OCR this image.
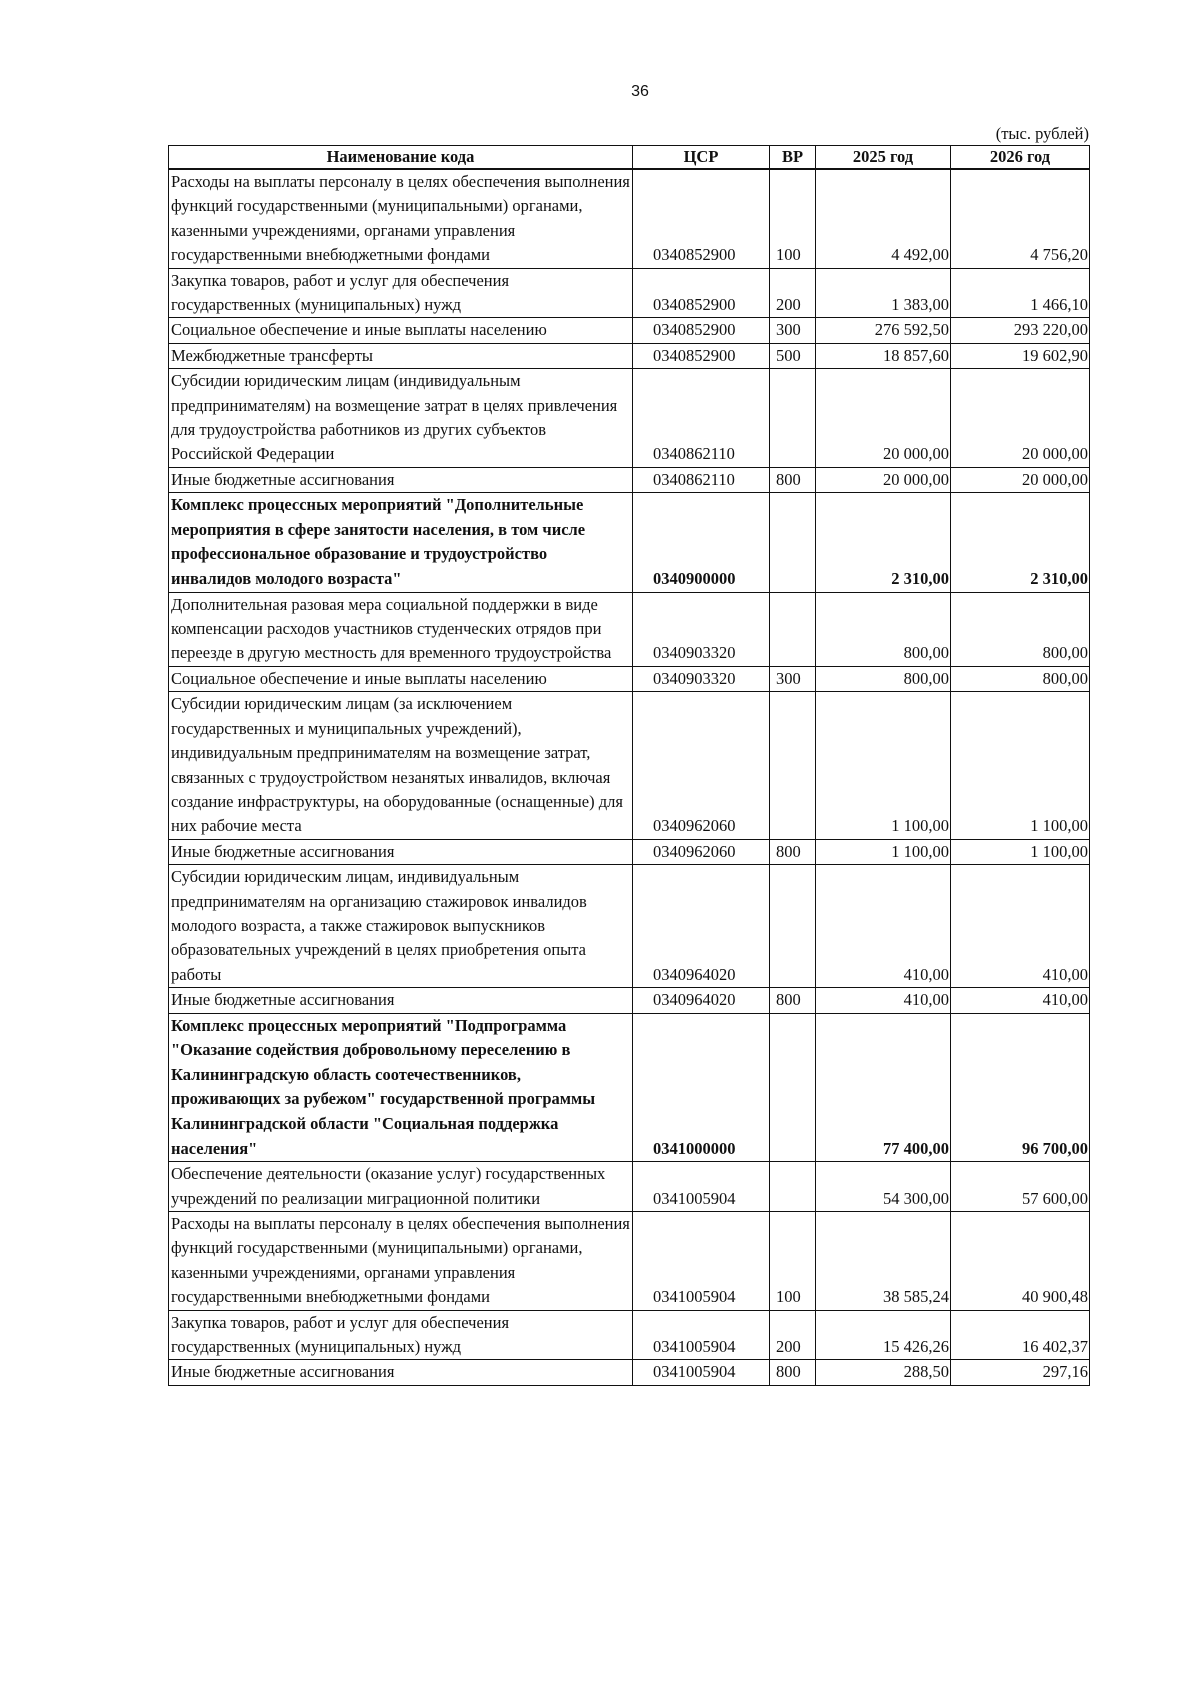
36
(тыс. рублей)
Наименование кода	ЦСР	ВР	2025 год	2026 год
Расходы на выплаты персоналу в целях обеспечения выполнения функций государственными (муниципальными) органами, казенными учреждениями, органами управления государственными внебюджетными фондами	0340852900	100	4 492,00	4 756,20
Закупка товаров, работ и услуг для обеспечения государственных (муниципальных) нужд	0340852900	200	1 383,00	1 466,10
Социальное обеспечение и иные выплаты населению	0340852900	300	276 592,50	293 220,00
Межбюджетные трансферты	0340852900	500	18 857,60	19 602,90
Субсидии юридическим лицам (индивидуальным предпринимателям) на возмещение затрат в целях привлечения для трудоустройства работников из других субъектов Российской Федерации	0340862110		20 000,00	20 000,00
Иные бюджетные ассигнования	0340862110	800	20 000,00	20 000,00
Комплекс процессных мероприятий "Дополнительные мероприятия в сфере занятости населения, в том числе профессиональное образование и трудоустройство инвалидов молодого возраста"	0340900000		2 310,00	2 310,00
Дополнительная разовая мера социальной поддержки в виде компенсации расходов участников студенческих отрядов при переезде в другую местность для временного трудоустройства	0340903320		800,00	800,00
Социальное обеспечение и иные выплаты населению	0340903320	300	800,00	800,00
Субсидии юридическим лицам (за исключением государственных и муниципальных учреждений), индивидуальным предпринимателям на возмещение затрат, связанных с трудоустройством незанятых инвалидов, включая создание инфраструктуры, на оборудованные (оснащенные) для них рабочие места	0340962060		1 100,00	1 100,00
Иные бюджетные ассигнования	0340962060	800	1 100,00	1 100,00
Субсидии юридическим лицам, индивидуальным предпринимателям на организацию стажировок инвалидов молодого возраста, а также стажировок выпускников образовательных учреждений в целях приобретения опыта работы	0340964020		410,00	410,00
Иные бюджетные ассигнования	0340964020	800	410,00	410,00
Комплекс процессных мероприятий "Подпрограмма "Оказание содействия добровольному переселению в Калининградскую область соотечественников, проживающих за рубежом" государственной программы Калининградской области "Социальная поддержка населения"	0341000000		77 400,00	96 700,00
Обеспечение деятельности (оказание услуг) государственных учреждений по реализации миграционной политики	0341005904		54 300,00	57 600,00
Расходы на выплаты персоналу в целях обеспечения выполнения функций государственными (муниципальными) органами, казенными учреждениями, органами управления государственными внебюджетными фондами	0341005904	100	38 585,24	40 900,48
Закупка товаров, работ и услуг для обеспечения государственных (муниципальных) нужд	0341005904	200	15 426,26	16 402,37
Иные бюджетные ассигнования	0341005904	800	288,50	297,16
